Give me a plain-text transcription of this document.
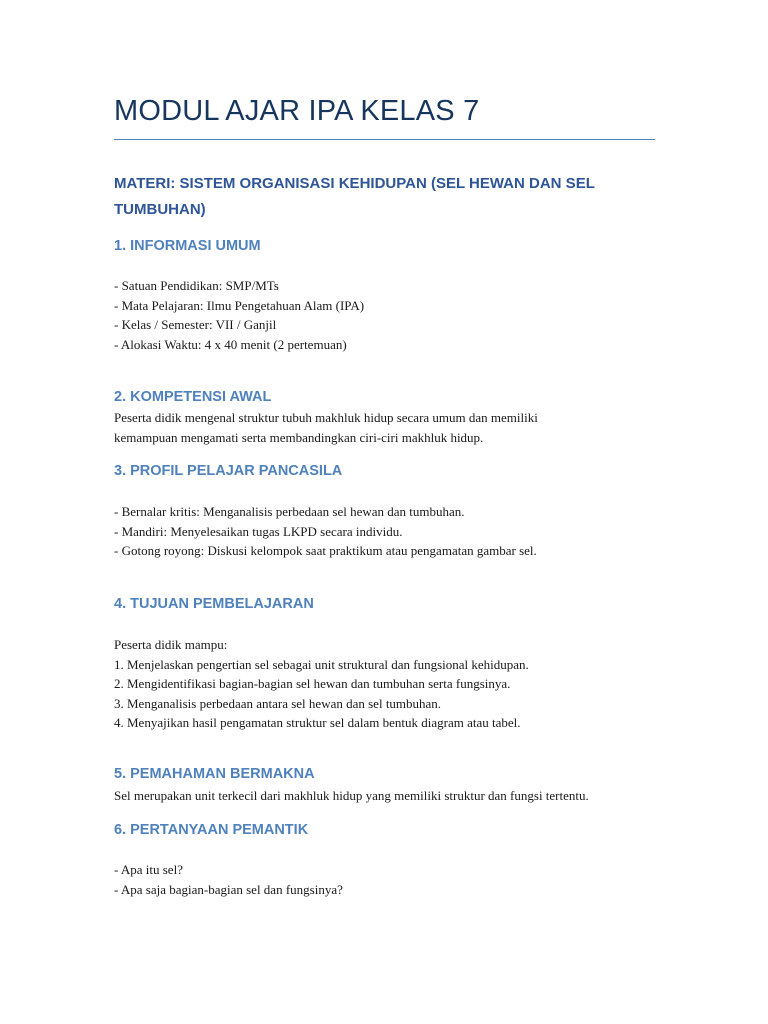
MODUL AJAR IPA KELAS 7
MATERI: SISTEM ORGANISASI KEHIDUPAN (SEL HEWAN DAN SEL TUMBUHAN)
1. INFORMASI UMUM
- Satuan Pendidikan: SMP/MTs
- Mata Pelajaran: Ilmu Pengetahuan Alam (IPA)
- Kelas / Semester: VII / Ganjil
- Alokasi Waktu: 4 x 40 menit (2 pertemuan)
2. KOMPETENSI AWAL
Peserta didik mengenal struktur tubuh makhluk hidup secara umum dan memiliki
kemampuan mengamati serta membandingkan ciri-ciri makhluk hidup.
3. PROFIL PELAJAR PANCASILA
- Bernalar kritis: Menganalisis perbedaan sel hewan dan tumbuhan.
- Mandiri: Menyelesaikan tugas LKPD secara individu.
- Gotong royong: Diskusi kelompok saat praktikum atau pengamatan gambar sel.
4. TUJUAN PEMBELAJARAN
Peserta didik mampu:
1. Menjelaskan pengertian sel sebagai unit struktural dan fungsional kehidupan.
2. Mengidentifikasi bagian-bagian sel hewan dan tumbuhan serta fungsinya.
3. Menganalisis perbedaan antara sel hewan dan sel tumbuhan.
4. Menyajikan hasil pengamatan struktur sel dalam bentuk diagram atau tabel.
5. PEMAHAMAN BERMAKNA
Sel merupakan unit terkecil dari makhluk hidup yang memiliki struktur dan fungsi tertentu.
6. PERTANYAAN PEMANTIK
- Apa itu sel?
- Apa saja bagian-bagian sel dan fungsinya?
